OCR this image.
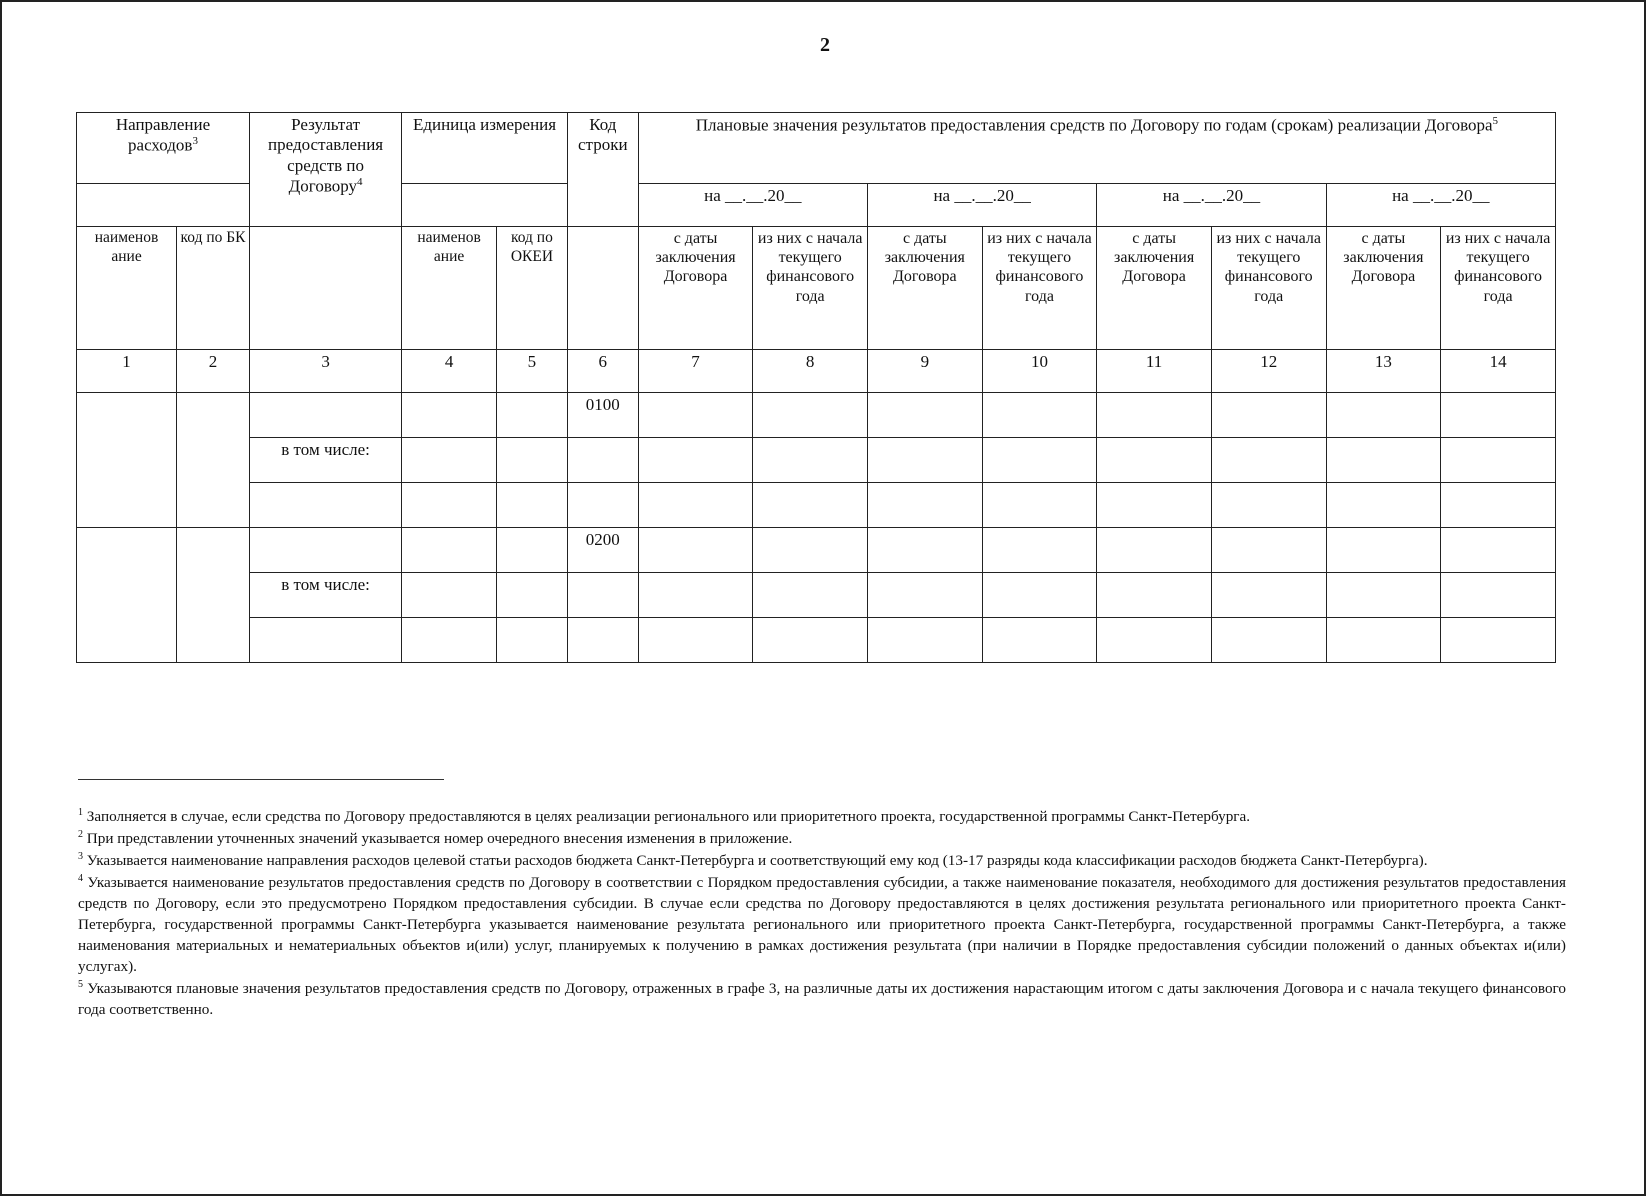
2
Направление расходов$^3$		Результат предоставления средств по Договору$^4$	Единица измерения		Код строки	Плановые значения результатов предоставления средств по Договору по годам (срокам) реализации Договора$^5$
						на __.__.20__		на __.__.20__		на __.__.20__		на __.__.20__	

наименов ание	код по БК		наименов ание	код по ОКЕИ		с даты заключения Договора	из них с начала текущего финансового года	с даты заключения Договора	из них с начала текущего финансового года	с даты заключения Договора	из них с начала текущего финансового года	с даты заключения Договора	из них с начала текущего финансового года
1	2	3	4	5	6	7	8	9	10	11	12	13	14
					0100								
		в том числе:											

					0200								
		в том числе:											

$^1$ Заполняется в случае, если средства по Договору предоставляются в целях реализации регионального или приоритетного проекта, государственной программы Санкт-Петербурга.

$^2$ При представлении уточненных значений указывается номер очередного внесения изменения в приложение.

$^3$ Указывается наименование направления расходов целевой статьи расходов бюджета Санкт-Петербурга и соответствующий ему код (13-17 разряды кода классификации расходов бюджета Санкт-Петербурга).

$^4$ Указывается наименование результатов предоставления средств по Договору в соответствии с Порядком предоставления субсидии, а также наименование показателя, необходимого для достижения результатов предоставления средств по Договору, если это предусмотрено Порядком предоставления субсидии. В случае если средства по Договору предоставляются в целях достижения результата регионального или приоритетного проекта Санкт-Петербурга, государственной программы Санкт-Петербурга указывается наименование результата регионального или приоритетного проекта Санкт-Петербурга, государственной программы Санкт-Петербурга, а также наименования материальных и нематериальных объектов и(или) услуг, планируемых к получению в рамках достижения результата (при наличии в Порядке предоставления субсидии положений о данных объектах и(или) услугах).

$^5$ Указываются плановые значения результатов предоставления средств по Договору, отраженных в графе 3, на различные даты их достижения нарастающим итогом с даты заключения Договора и с начала текущего финансового года соответственно.
